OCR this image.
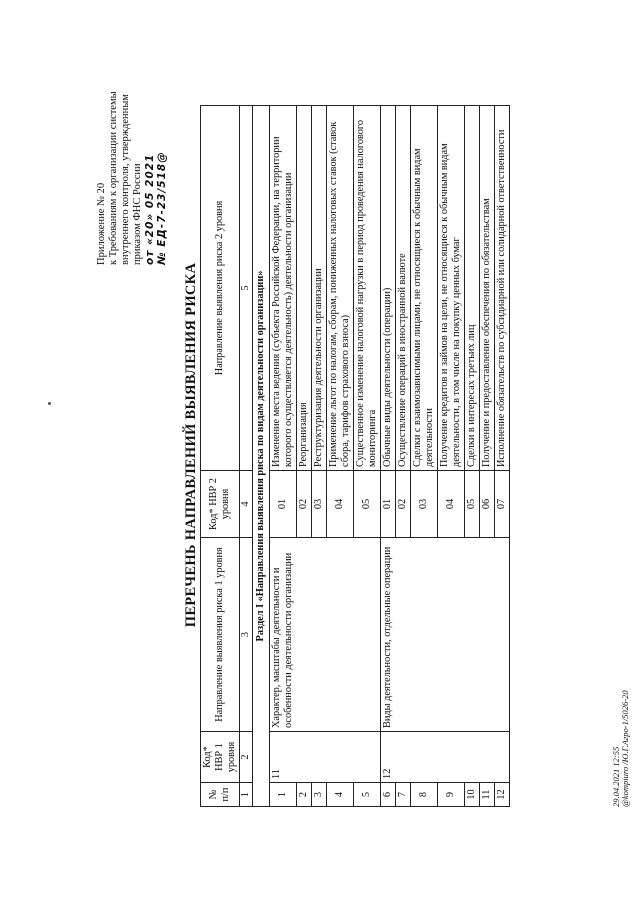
Приложение № 20 к Требованиям к организации системы внутреннего контроля, утвержденным приказом ФНС России от «20» 05 2021 № ЕД-7-23/518@
ПЕРЕЧЕНЬ НАПРАВЛЕНИЙ ВЫЯВЛЕНИЯ РИСКА
№ п/п	Код* НВР 1 уровня	Направление выявления риска 1 уровня	Код* НВР 2 уровня	Направление выявления риска 2 уровня
1	2	3	4	5
Раздел I «Направления выявления риска по видам деятельности организации»				
1	11	Характер, масштабы деятельности и особенности деятельности организации	01	Изменение места ведения (субъекта Российской Федерации, на территории которого осуществляется деятельность) деятельности организации
2			02	Реорганизация
3			03	Реструктуризация деятельности организации
4			04	Применение льгот по налогам, сборам, пониженных налоговых ставок (ставок сбора, тарифов страхового взноса)
5			05	Существенное изменение налоговой нагрузки в период проведения налогового мониторинга
6	12	Виды деятельности, отдельные операции	01	Обычные виды деятельности (операции)
7			02	Осуществление операций в иностранной валюте
8			03	Сделки с взаимозависимыми лицами, не относящиеся к обычным видам деятельности
9			04	Получение кредитов и займов на цели, не относящиеся к обычным видам деятельности, в том числе на покупку ценных бумаг
10			05	Сделки в интересах третьих лиц
11			06	Получение и предоставление обеспечения по обязательствам
12			07	Исполнение обязательств по субсидиарной или солидарной ответственности
29.04.2021 12:55 @kompiuro /Ю.Г.Агро-1/5026-20
